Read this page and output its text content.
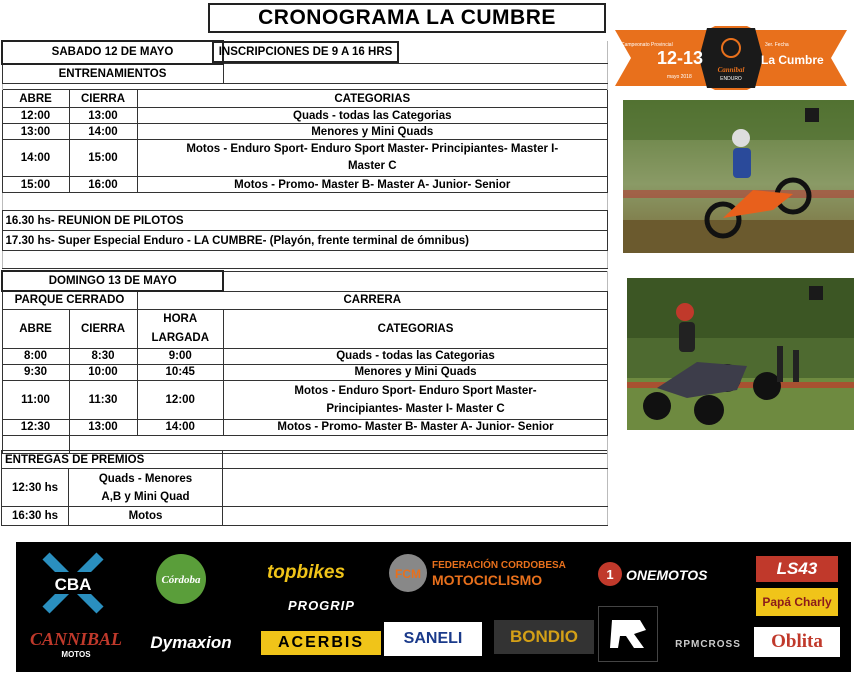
CRONOGRAMA LA CUMBRE
SABADO 12 DE MAYO			INSCRIPCIONES DE 9 A 16 HRS
ENTRENAMIENTOS			

ABRE	CIERRA	CATEGORIAS	
12:00	13:00	Quads - todas las Categorias	
13:00	14:00	Menores y Mini Quads	
14:00	15:00	Motos - Enduro Sport- Enduro Sport Master- Principiantes- Master I- Master C	
15:00	16:00	Motos - Promo- Master B- Master A- Junior- Senior	

16.30 hs- REUNION DE PILOTOS			
17.30 hs- Super Especial Enduro - LA CUMBRE- (Playón, frente terminal de ómnibus)			

DOMINGO 13 DE MAYO			
PARQUE CERRADO		CARRERA	
ABRE	CIERRA	HORA LARGADA	CATEGORIAS
8:00	8:30	9:00	Quads - todas las Categorias
9:30	10:00	10:45	Menores y Mini Quads
11:00	11:30	12:00	Motos - Enduro Sport- Enduro Sport Master- Principiantes- Master I- Master C
12:30	13:00	14:00	Motos - Promo- Master B- Master A- Junior- Senior

ENTREGAS DE PREMIOS		
12:30 hs	Quads - Menores A,B y Mini Quad	
16:30 hs	Motos	
Campeonato Provincial
12-13
3er. Fecha
La Cumbre
mayo 2018
Cannibal
ENDURO
CBA	Córdoba	topbikes	FCM
FEDERACIÓN CORDOBESA
MOTOCICLISMO	1 ONEMOTOS	LS43
PROGRIP	Papá Charly
CANNIBAL
MOTOS
Dymaxion	ACERBIS	SANELI	BONDIO	RPMCROSS	Oblita
